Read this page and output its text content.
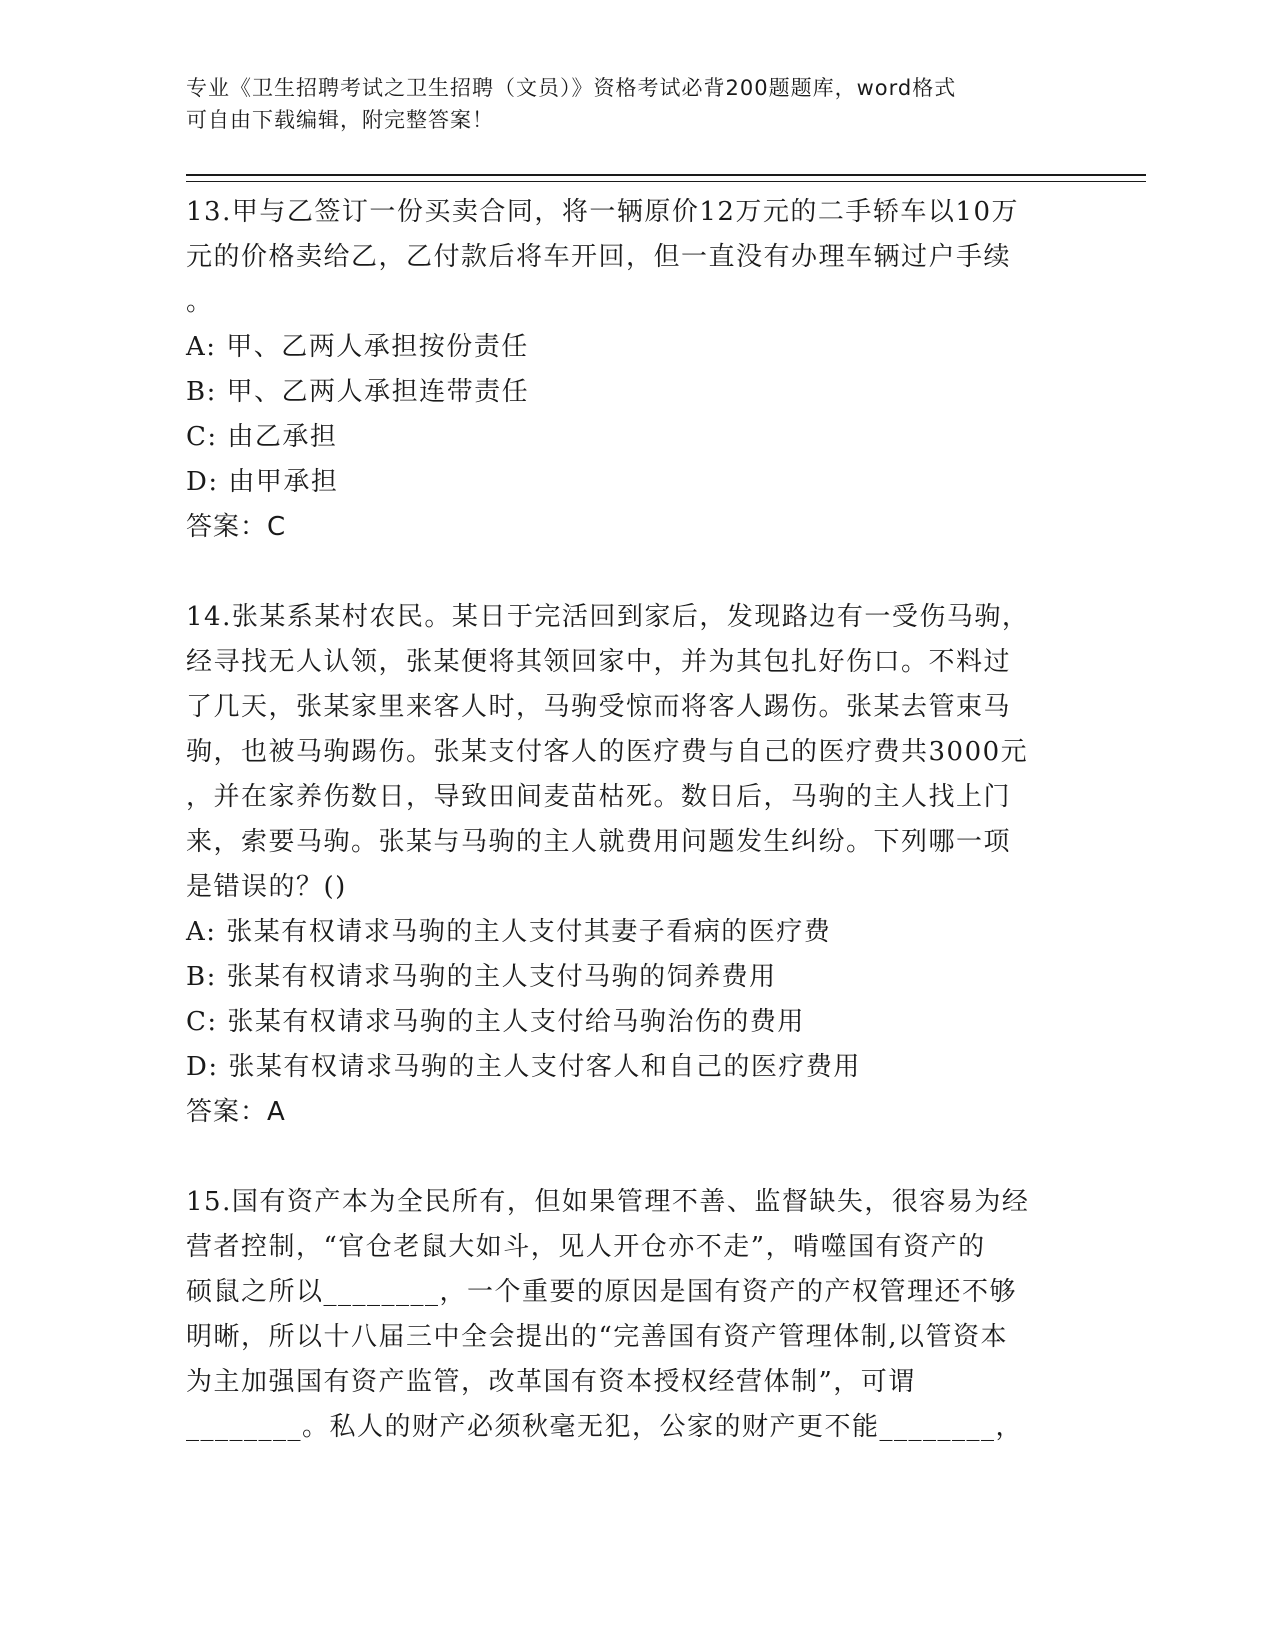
专业《卫生招聘考试之卫生招聘（文员）》资格考试必背200题题库，word格式
可自由下载编辑，附完整答案！

13.甲与乙签订一份买卖合同，将一辆原价12万元的二手轿车以10万

元的价格卖给乙，乙付款后将车开回，但一直没有办理车辆过户手续

。

A: 甲、乙两人承担按份责任

B: 甲、乙两人承担连带责任

C: 由乙承担

D: 由甲承担

答案：C

14.张某系某村农民。某日于完活回到家后，发现路边有一受伤马驹，

经寻找无人认领，张某便将其领回家中，并为其包扎好伤口。不料过

了几天，张某家里来客人时，马驹受惊而将客人踢伤。张某去管束马

驹，也被马驹踢伤。张某支付客人的医疗费与自己的医疗费共3000元

，并在家养伤数日，导致田间麦苗枯死。数日后，马驹的主人找上门

来，索要马驹。张某与马驹的主人就费用问题发生纠纷。下列哪一项

是错误的？()

A: 张某有权请求马驹的主人支付其妻子看病的医疗费

B: 张某有权请求马驹的主人支付马驹的饲养费用

C: 张某有权请求马驹的主人支付给马驹治伤的费用

D: 张某有权请求马驹的主人支付客人和自己的医疗费用

答案：A

15.国有资产本为全民所有，但如果管理不善、监督缺失，很容易为经

营者控制，“官仓老鼠大如斗，见人开仓亦不走”，啃噬国有资产的

硕鼠之所以________，一个重要的原因是国有资产的产权管理还不够

明晰，所以十八届三中全会提出的“完善国有资产管理体制,以管资本

为主加强国有资产监管，改革国有资本授权经营体制”，可谓

________。私人的财产必须秋毫无犯，公家的财产更不能________，
